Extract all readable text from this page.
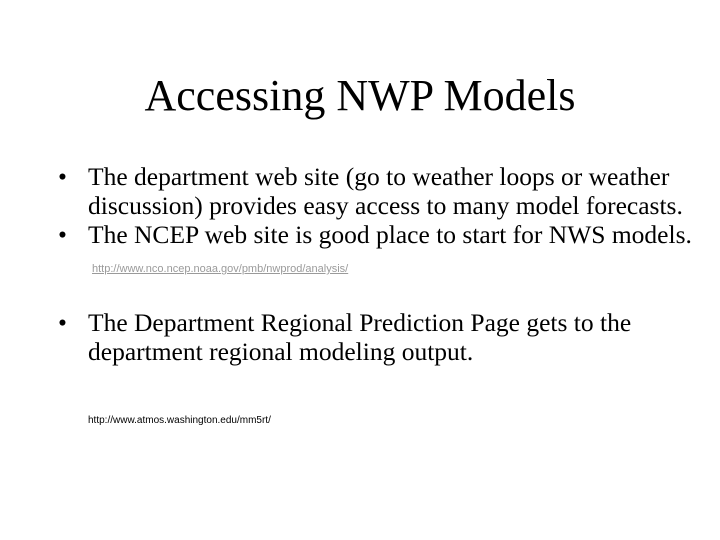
Accessing NWP Models
• The department web site (go to weather loops or weather discussion) provides easy access to many model forecasts.
• The NCEP web site is good place to start for NWS models. http://www.nco.ncep.noaa.gov/pmb/nwprod/analysis/
• The Department Regional Prediction Page gets to the department regional modeling output.
http://www.atmos.washington.edu/mm5rt/
